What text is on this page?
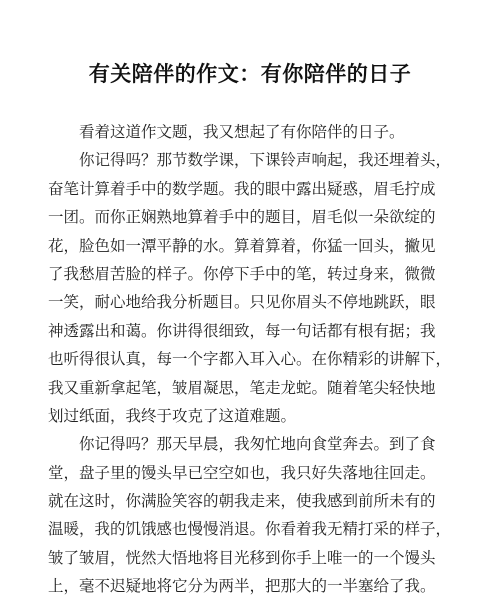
有关陪伴的作文：有你陪伴的日子
看着这道作文题，我又想起了有你陪伴的日子。
你记得吗？那节数学课，下课铃声响起，我还埋着头，
奋笔计算着手中的数学题。我的眼中露出疑惑，眉毛拧成
一团。而你正娴熟地算着手中的题目，眉毛似一朵欲绽的
花，脸色如一潭平静的水。算着算着，你猛一回头，撇见
了我愁眉苦脸的样子。你停下手中的笔，转过身来，微微
一笑，耐心地给我分析题目。只见你眉头不停地跳跃，眼
神透露出和蔼。你讲得很细致，每一句话都有根有据；我
也听得很认真，每一个字都入耳入心。在你精彩的讲解下，
我又重新拿起笔，皱眉凝思，笔走龙蛇。随着笔尖轻快地
划过纸面，我终于攻克了这道难题。
你记得吗？那天早晨，我匆忙地向食堂奔去。到了食
堂，盘子里的馒头早已空空如也，我只好失落地往回走。
就在这时，你满脸笑容的朝我走来，使我感到前所未有的
温暖，我的饥饿感也慢慢消退。你看着我无精打采的样子，
皱了皱眉，恍然大悟地将目光移到你手上唯一的一个馒头
上，毫不迟疑地将它分为两半，把那大的一半塞给了我。
